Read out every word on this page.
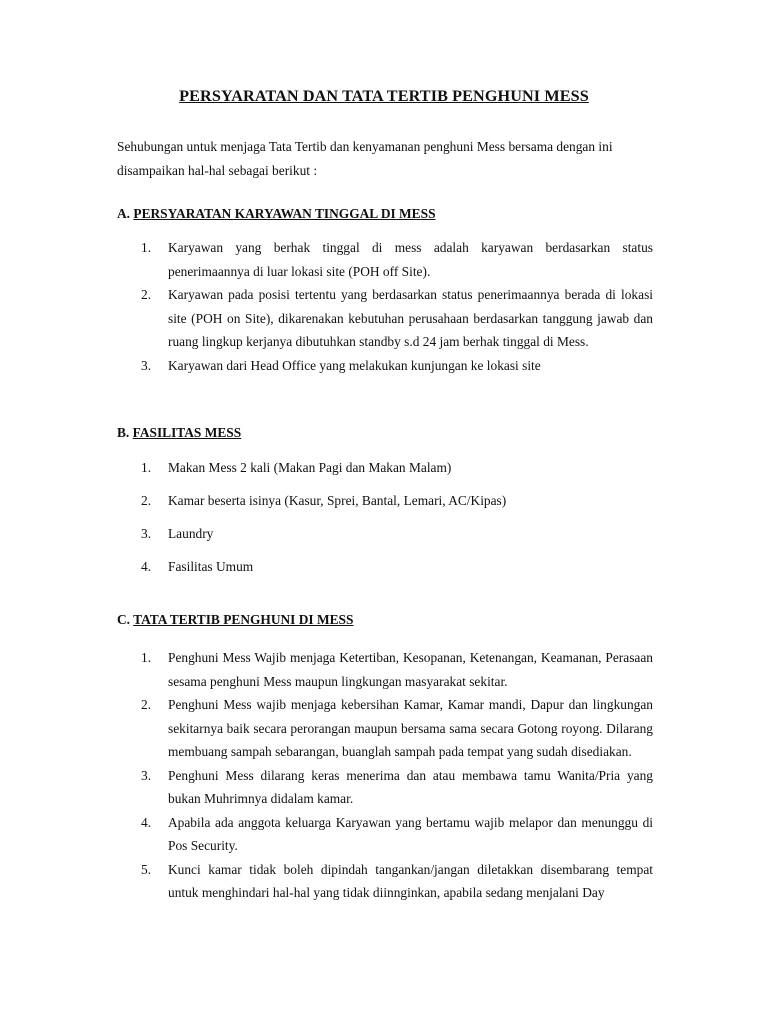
PERSYARATAN DAN TATA TERTIB PENGHUNI MESS

Sehubungan untuk menjaga Tata Tertib dan kenyamanan penghuni Mess bersama dengan ini

disampaikan hal-hal sebagai berikut :

A. PERSYARATAN KARYAWAN TINGGAL DI MESS
1. Karyawan yang berhak tinggal di mess adalah karyawan berdasarkan status penerimaannya di luar lokasi site (POH off Site).
2. Karyawan pada posisi tertentu yang berdasarkan status penerimaannya berada di lokasi site (POH on Site), dikarenakan kebutuhan perusahaan berdasarkan tanggung jawab dan ruang lingkup kerjanya dibutuhkan standby s.d 24 jam berhak tinggal di Mess.
3. Karyawan dari Head Office yang melakukan kunjungan ke lokasi site
B. FASILITAS MESS
1. Makan Mess 2 kali (Makan Pagi dan Makan Malam)
2. Kamar beserta isinya (Kasur, Sprei, Bantal, Lemari, AC/Kipas)
3. Laundry
4. Fasilitas Umum
C. TATA TERTIB PENGHUNI DI MESS
1. Penghuni Mess Wajib menjaga Ketertiban, Kesopanan, Ketenangan, Keamanan, Perasaan sesama penghuni Mess maupun lingkungan masyarakat sekitar.
2. Penghuni Mess wajib menjaga kebersihan Kamar, Kamar mandi, Dapur dan lingkungan sekitarnya baik secara perorangan maupun bersama sama secara Gotong royong. Dilarang membuang sampah sebarangan, buanglah sampah pada tempat yang sudah disediakan.
3. Penghuni Mess dilarang keras menerima dan atau membawa tamu Wanita/Pria yang bukan Muhrimnya didalam kamar.
4. Apabila ada anggota keluarga Karyawan yang bertamu wajib melapor dan menunggu di Pos Security.
5. Kunci kamar tidak boleh dipindah tangankan/jangan diletakkan disembarang tempat untuk menghindari hal-hal yang tidak diinnginkan, apabila sedang menjalani Day
